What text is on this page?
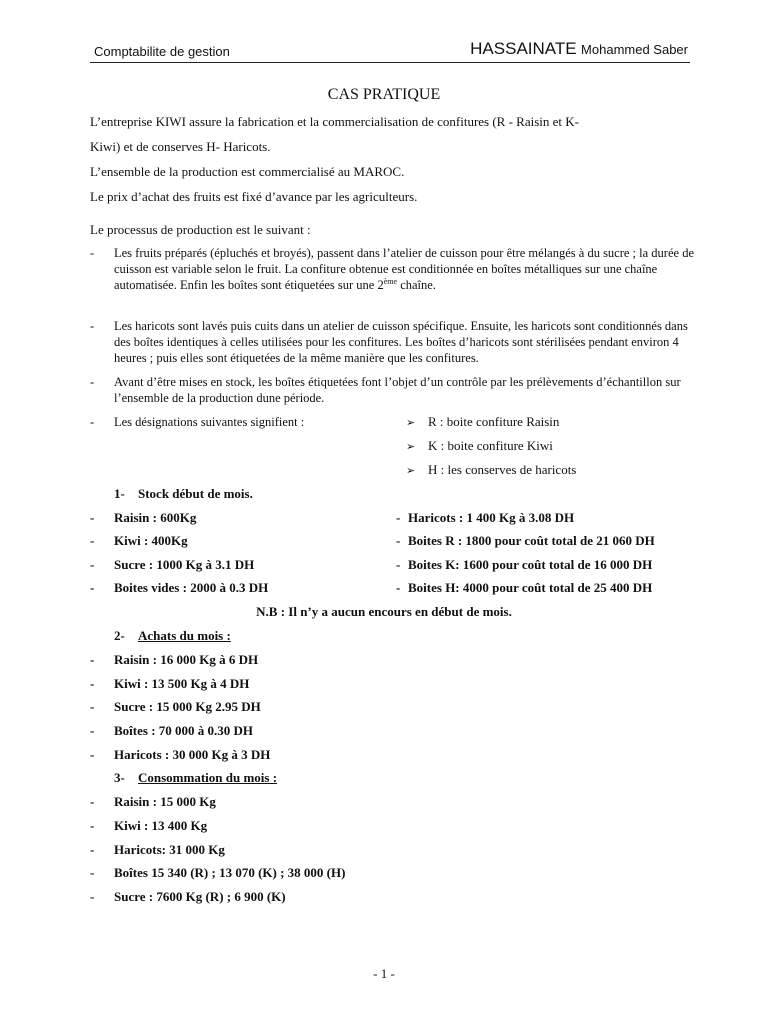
Comptabilite de gestion	HASSAINATE Mohammed Saber
CAS PRATIQUE

L’entreprise KIWI assure la fabrication et la commercialisation de confitures (R - Raisin et K-

Kiwi) et de conserves H- Haricots.

L’ensemble de la production est commercialisé au MAROC.

Le prix d’achat des fruits est fixé d’avance par les agriculteurs.

Le processus de production est le suivant :

- Les fruits préparés (épluchés et broyés), passent dans l’atelier de cuisson pour être mélangés à du sucre ; la durée de cuisson est variable selon le fruit. La confiture obtenue est conditionnée en boîtes métalliques sur une chaîne automatisée. Enfin les boîtes sont étiquetées sur une 2ème chaîne.
- Les haricots sont lavés puis cuits dans un atelier de cuisson spécifique. Ensuite, les haricots sont conditionnés dans des boîtes identiques à celles utilisées pour les confitures. Les boîtes d’haricots sont stérilisées pendant environ 4 heures ; puis elles sont étiquetées de la même manière que les confitures.
- Avant d’être mises en stock, les boîtes étiquetées font l’objet d’un contrôle par les prélèvements d’échantillon sur l’ensemble de la production dune période.
- Les désignations suivantes signifient :	➢ R : boite confiture Raisin
➢ K : boite confiture Kiwi
➢ H : les conserves de haricots
1- Stock début de mois.
- Raisin : 600Kg
- Kiwi : 400Kg
- Sucre : 1000 Kg à 3.1 DH
- Boites vides : 2000 à 0.3 DH
- Haricots : 1 400 Kg à 3.08 DH
- Boites R : 1800 pour coût total de 21 060 DH
- Boites K: 1600 pour coût total de 16 000 DH
- Boites H: 4000 pour coût total de 25 400 DH
N.B : Il n’y a aucun encours en début de mois.
2- Achats du mois :
- Raisin : 16 000 Kg à 6 DH
- Kiwi : 13 500 Kg à 4 DH
- Sucre : 15 000 Kg 2.95 DH
- Boîtes : 70 000 à 0.30 DH
- Haricots : 30 000 Kg à 3 DH
3- Consommation du mois :
- Raisin : 15 000 Kg
- Kiwi : 13 400 Kg
- Haricots: 31 000 Kg
- Boîtes 15 340 (R) ; 13 070 (K) ; 38 000 (H)
- Sucre : 7600 Kg (R) ; 6 900 (K)
- 1 -
